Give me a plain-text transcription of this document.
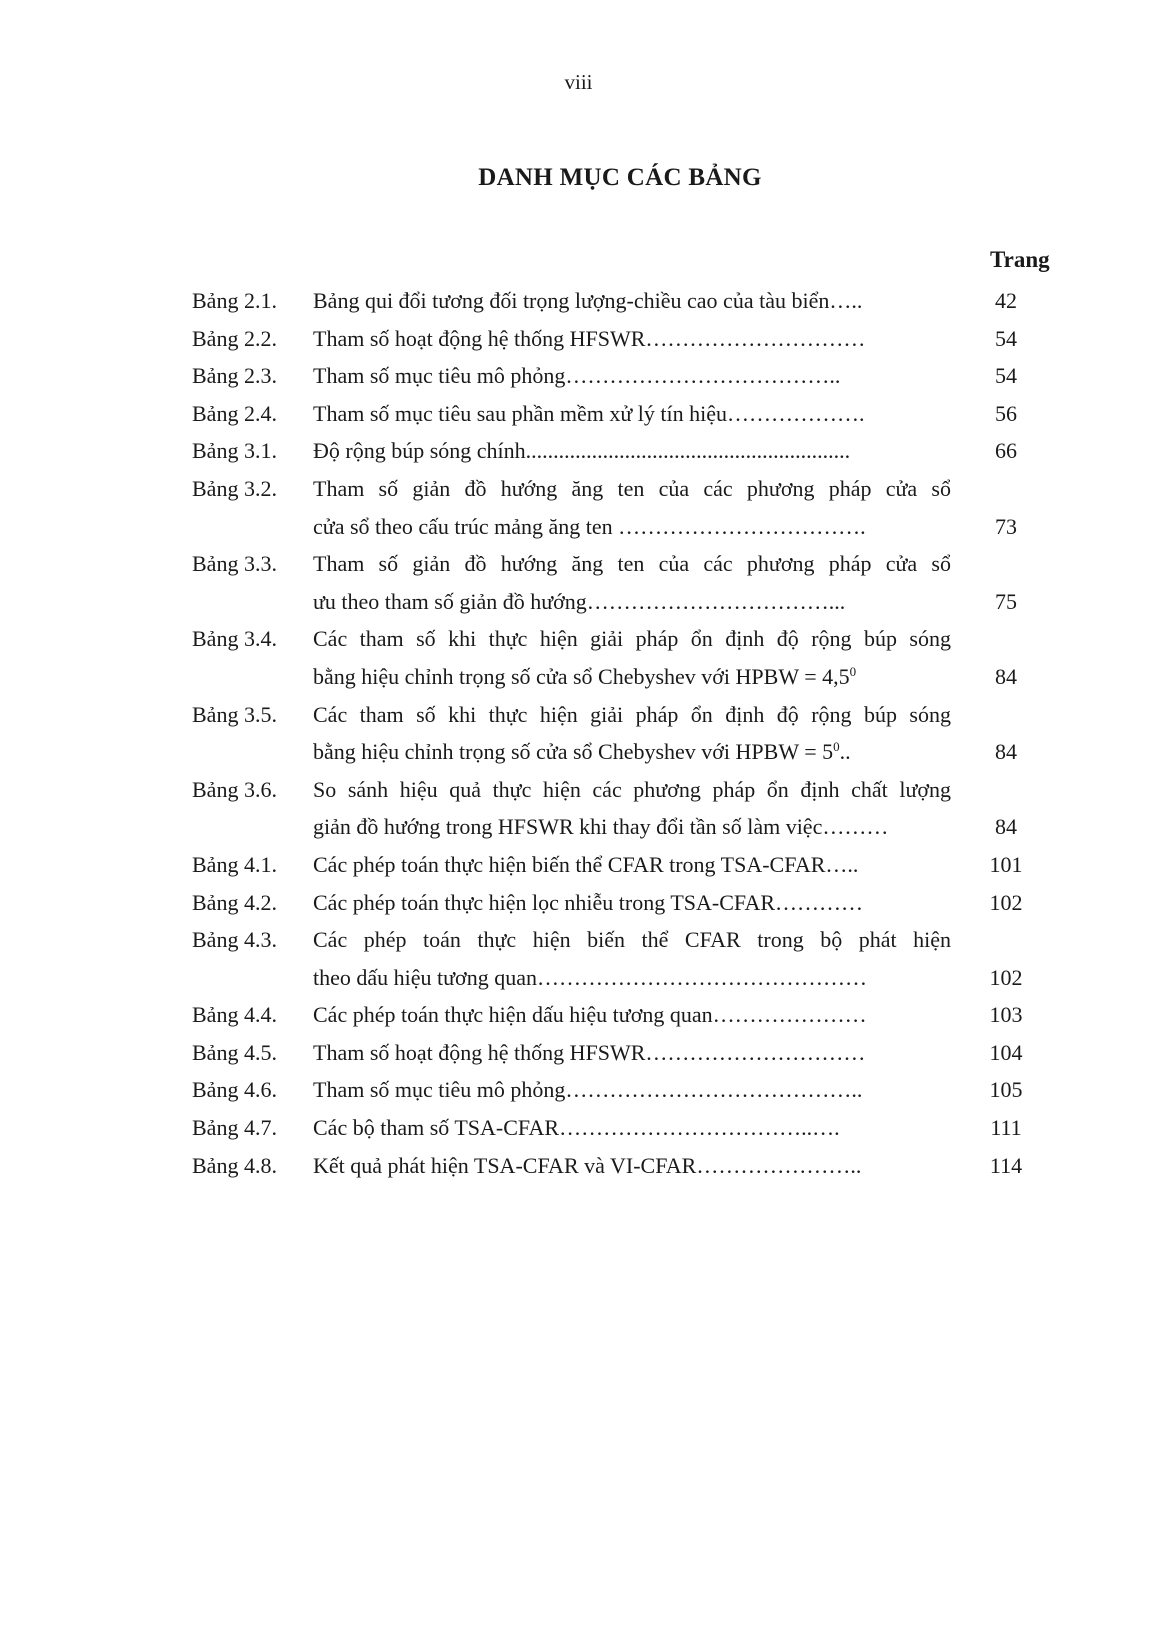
viii
DANH MỤC CÁC BẢNG
Trang
Bảng 2.1.	Bảng qui đổi tương đối trọng lượng-chiều cao của tàu biển…..	42
Bảng 2.2.	Tham số hoạt động hệ thống HFSWR…………………………	54
Bảng 2.3.	Tham số mục tiêu mô phỏng………………………………..	54
Bảng 2.4.	Tham số mục tiêu sau phần mềm xử lý tín hiệu……………….	56
Bảng 3.1.	Độ rộng búp sóng chính...........................................................	66
Bảng 3.2.	Tham số giản đồ hướng ăng ten của các phương pháp cửa sổ
cửa sổ theo cấu trúc mảng ăng ten …………………………….	73
Bảng 3.3.	Tham số giản đồ hướng ăng ten của các phương pháp cửa sổ
ưu theo tham số giản đồ hướng……………………………...	75
Bảng 3.4.	Các tham số khi thực hiện giải pháp ổn định độ rộng búp sóng
bằng hiệu chỉnh trọng số cửa sổ Chebyshev với HPBW = $4,5^0$	84
Bảng 3.5.	Các tham số khi thực hiện giải pháp ổn định độ rộng búp sóng
bằng hiệu chỉnh trọng số cửa sổ Chebyshev với HPBW = $5^0$..	84
Bảng 3.6.	So sánh hiệu quả thực hiện các phương pháp ổn định chất lượng
giản đồ hướng trong HFSWR khi thay đổi tần số làm việc………	84
Bảng 4.1.	Các phép toán thực hiện biến thể CFAR trong TSA-CFAR…..	101
Bảng 4.2.	Các phép toán thực hiện lọc nhiễu trong TSA-CFAR…………	102
Bảng 4.3.	Các phép toán thực hiện biến thể CFAR trong bộ phát hiện
theo dấu hiệu tương quan………………………………………	102
Bảng 4.4.	Các phép toán thực hiện dấu hiệu tương quan…………………	103
Bảng 4.5.	Tham số hoạt động hệ thống HFSWR…………………………	104
Bảng 4.6.	Tham số mục tiêu mô phỏng…………………………………..	105
Bảng 4.7.	Các bộ tham số TSA-CFAR……………………………..….	111
Bảng 4.8.	Kết quả phát hiện TSA-CFAR và VI-CFAR…………………..	114
